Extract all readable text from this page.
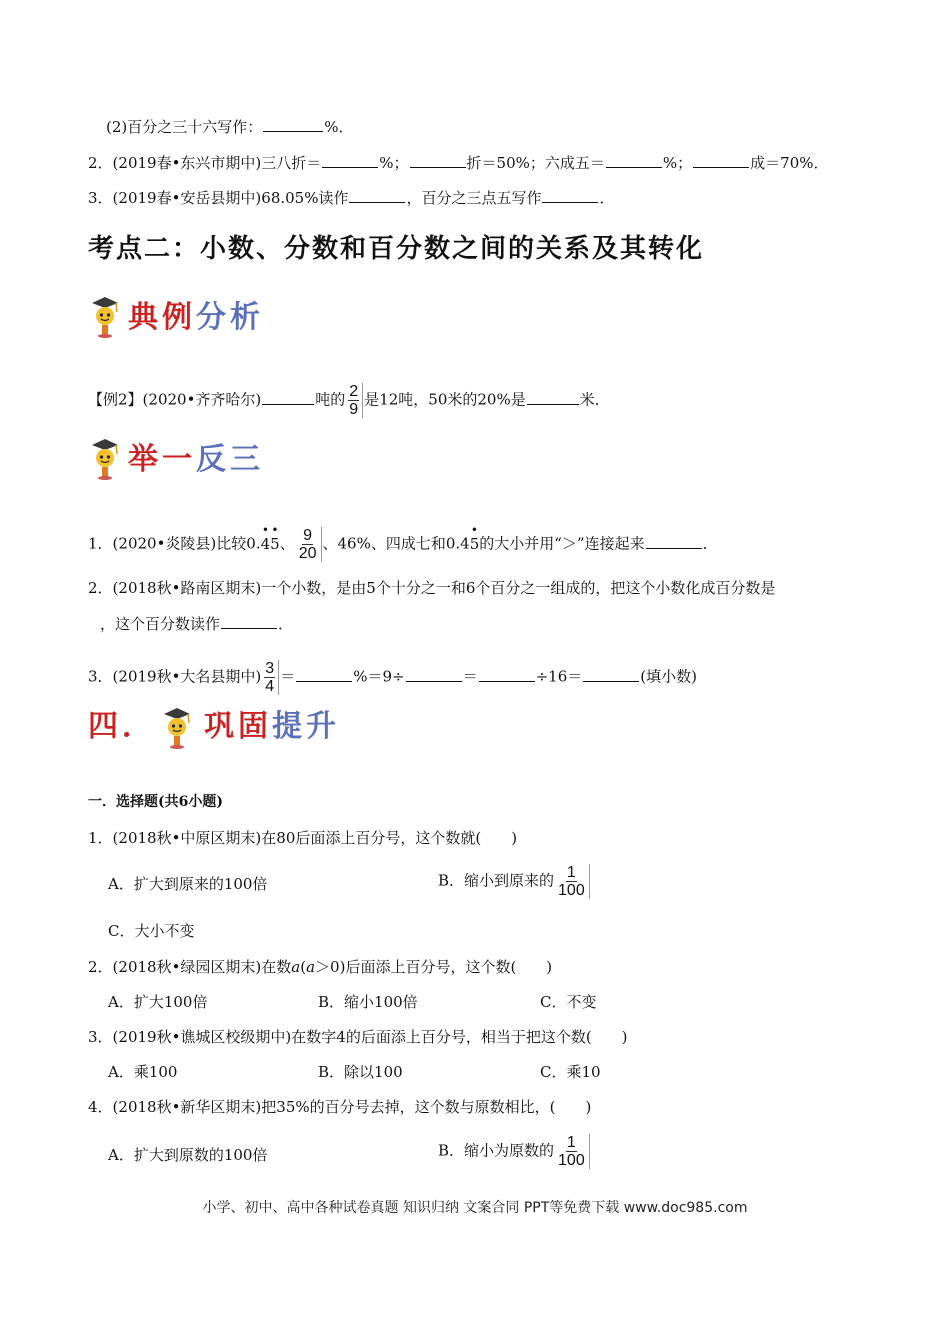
(2)百分之三十六写作：	%．
2．(2019春•东兴市期中)三八折＝	%；	折＝50%；六成五＝	%；	成＝70%．
3．(2019春•安岳县期中)68.05%读作	，百分之三点五写作	．
考点二：小数、分数和百分数之间的关系及其转化
典例分析
【例2】(2020•齐齐哈尔)	吨的 $\frac{2}{9}$ 是12吨，50米的20%是	米．
举一反三
1．(2020•炎陵县)比较0.
•
4
•
5、 $\frac{9}{20}$ 、46%、四成七和0.4
•
5的大小并用“＞”连接起来	．
2．(2018秋•路南区期末)一个小数，是由5个十分之一和6个百分之一组成的，把这个小数化成百分数是
，这个百分数读作	．
3．(2019秋•大名县期中) $\frac{3}{4}$ ＝	%＝9÷	＝	÷16＝	(填小数)
四． 巩固提升
一．选择题(共6小题)
1．(2018秋•中原区期末)在80后面添上百分号，这个数就(　　)
A．扩大到原来的100倍	B．缩小到原来的 $\frac{1}{100}$
C．大小不变
2．(2018秋•绿园区期末)在数a(a＞0)后面添上百分号，这个数(　　)
A．扩大100倍	B．缩小100倍	C．不变
3．(2019秋•谯城区校级期中)在数字4的后面添上百分号，相当于把这个数(　　)
A．乘100	B．除以100	C．乘10
4．(2018秋•新华区期末)把35%的百分号去掉，这个数与原数相比，(　　)
A．扩大到原数的100倍	B．缩小为原数的 $\frac{1}{100}$
小学、初中、高中各种试卷真题 知识归纳 文案合同 PPT等免费下载 www.doc985.com
